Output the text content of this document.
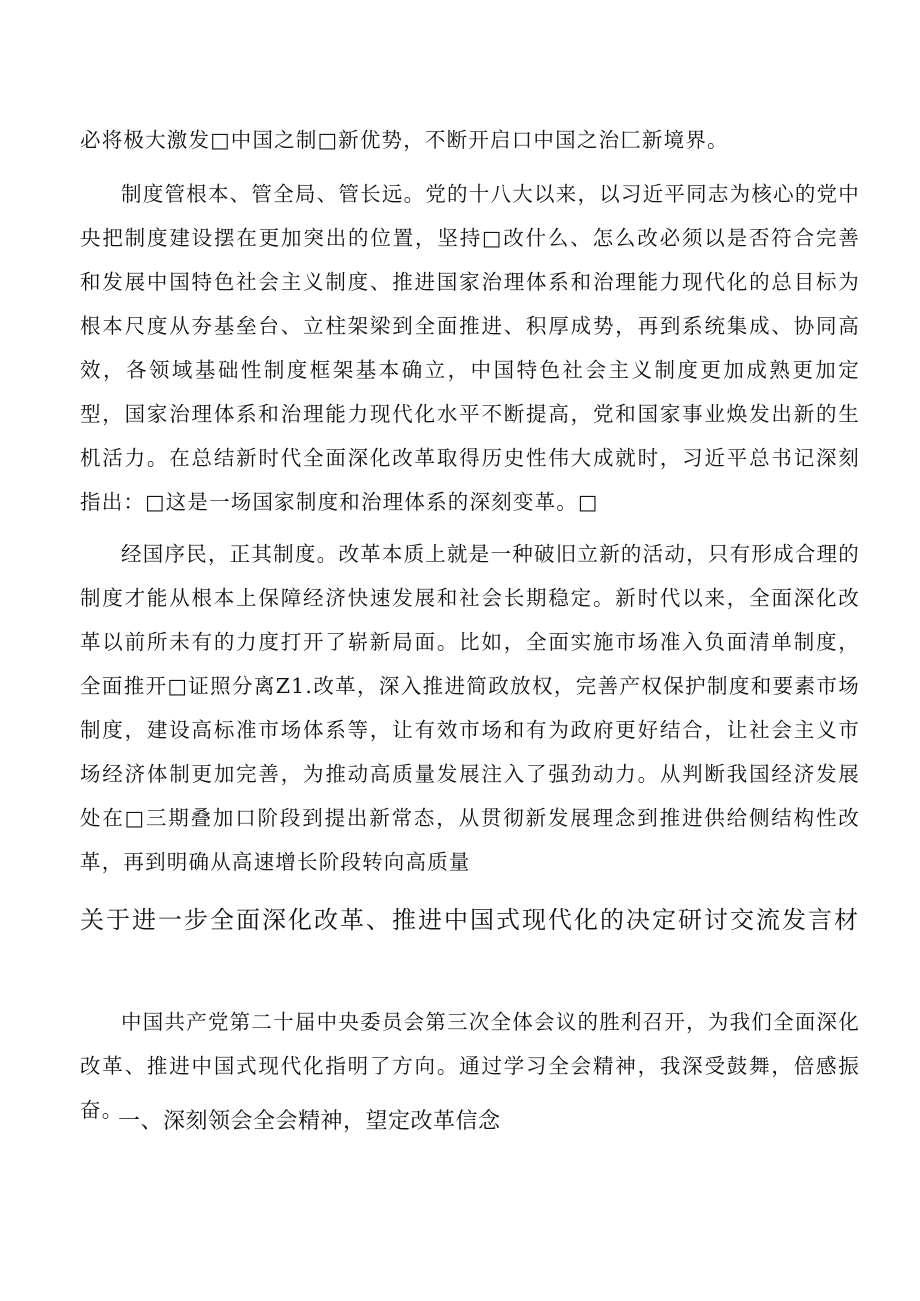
必将极大激发□中国之制□新优势，不断开启口中国之治匚新境界。

制度管根本、管全局、管长远。党的十八大以来，以习近平同志为核心的党中央把制度建设摆在更加突出的位置，坚持□改什么、怎么改必须以是否符合完善和发展中国特色社会主义制度、推进国家治理体系和治理能力现代化的总目标为根本尺度从夯基垒台、立柱架梁到全面推进、积厚成势，再到系统集成、协同高效，各领域基础性制度框架基本确立，中国特色社会主义制度更加成熟更加定型，国家治理体系和治理能力现代化水平不断提高，党和国家事业焕发出新的生机活力。在总结新时代全面深化改革取得历史性伟大成就时，习近平总书记深刻指出：□这是一场国家制度和治理体系的深刻变革。□

经国序民，正其制度。改革本质上就是一种破旧立新的活动，只有形成合理的制度才能从根本上保障经济快速发展和社会长期稳定。新时代以来，全面深化改革以前所未有的力度打开了崭新局面。比如，全面实施市场准入负面清单制度，全面推开□证照分离Z1.改革，深入推进简政放权，完善产权保护制度和要素市场制度，建设高标准市场体系等，让有效市场和有为政府更好结合，让社会主义市场经济体制更加完善，为推动高质量发展注入了强劲动力。从判断我国经济发展处在□三期叠加口阶段到提出新常态，从贯彻新发展理念到推进供给侧结构性改革，再到明确从高速增长阶段转向高质量

关于进一步全面深化改革、推进中国式现代化的决定研讨交流发言材

中国共产党第二十届中央委员会第三次全体会议的胜利召开，为我们全面深化改革、推进中国式现代化指明了方向。通过学习全会精神，我深受鼓舞，倍感振奋。

一、深刻领会全会精神，望定改革信念
